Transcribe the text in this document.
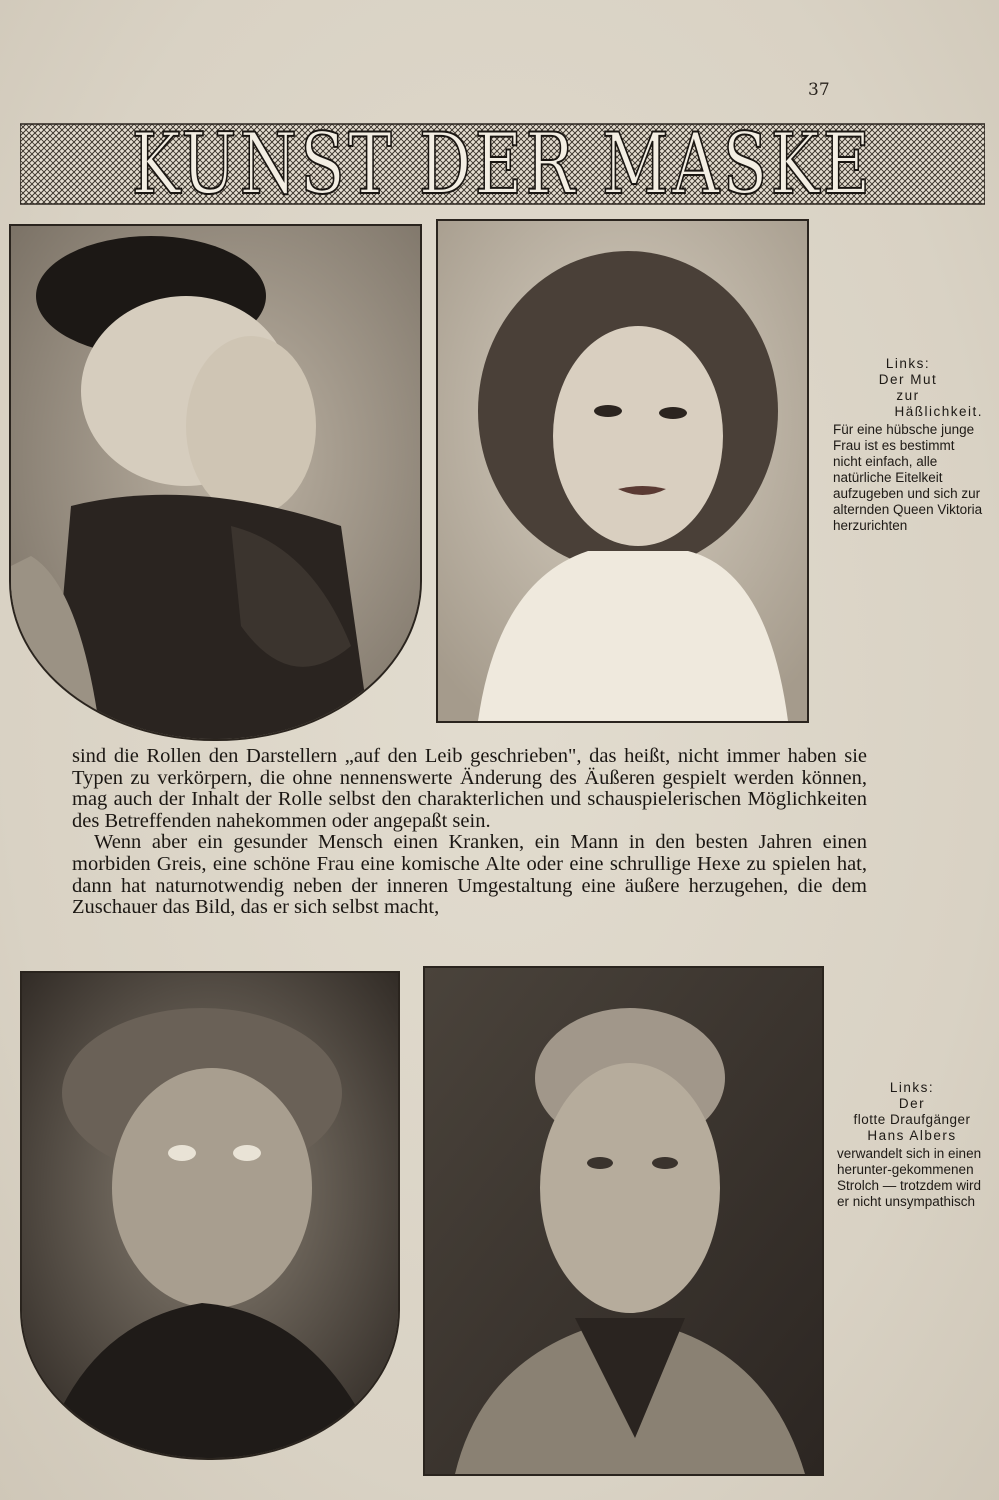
37
KUNST DER MASKE
Links:
Der Mut
zur
Häßlichkeit.
Für eine hübsche junge Frau ist es bestimmt nicht einfach, alle natürliche Eitelkeit aufzugeben und sich zur alternden Queen Viktoria herzurichten

sind die Rollen den Darstellern „auf den Leib geschrieben", das heißt, nicht immer haben sie Typen zu verkörpern, die ohne nennenswerte Änderung des Äußeren gespielt werden können, mag auch der Inhalt der Rolle selbst den charakterlichen und schauspielerischen Möglichkeiten des Betreffenden nahekommen oder angepaßt sein.

Wenn aber ein gesunder Mensch einen Kranken, ein Mann in den besten Jahren einen morbiden Greis, eine schöne Frau eine komische Alte oder eine schrullige Hexe zu spielen hat, dann hat naturnotwendig neben der inneren Umgestaltung eine äußere herzugehen, die dem Zuschauer das Bild, das er sich selbst macht,

Links:
Der
flotte Draufgänger
Hans Albers
verwandelt sich in einen herunter-gekommenen Strolch — trotzdem wird er nicht unsympathisch
